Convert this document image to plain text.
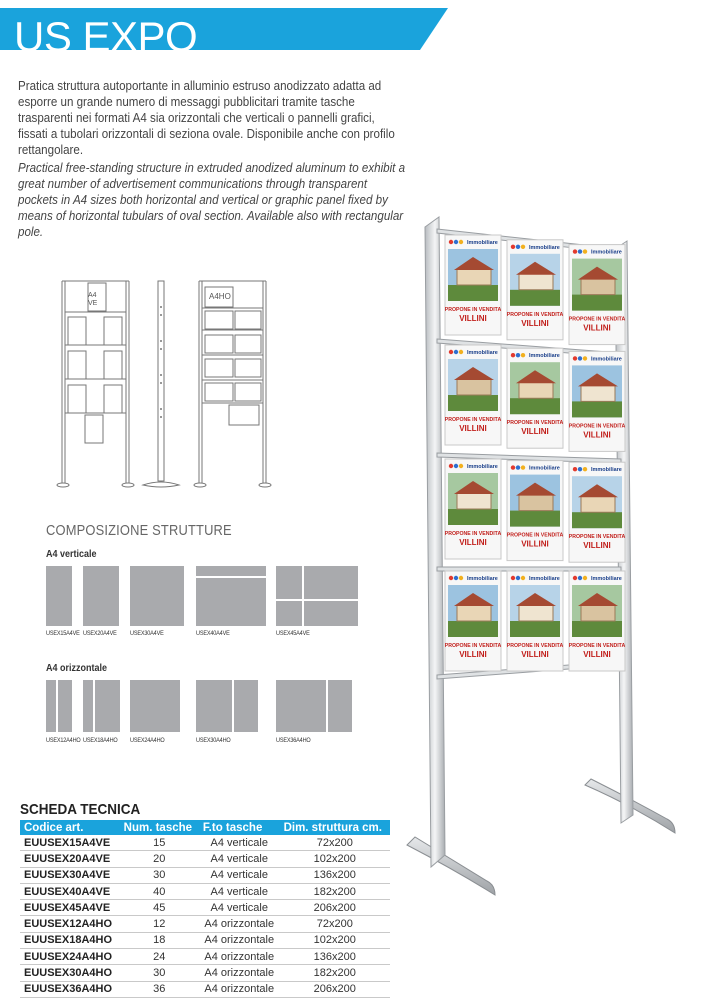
US EXPO

Pratica struttura autoportante in alluminio estruso anodizzato adatta ad esporre un grande numero di messaggi pubblicitari tramite tasche trasparenti nei formati A4 sia orizzontali che verticali o pannelli grafici, fissati a tubolari orizzontali di seziona ovale. Disponibile anche con profilo rettangolare.

Practical free-standing structure in extruded anodized aluminum to exhibit a great number of advertisement communications through transparent pockets in A4 sizes both horizontal and vertical or graphic panel fixed by means of horizontal tubulars of oval section. Available also with rectangular pole.

A4
VE
A4HO
COMPOSIZIONE STRUTTURE
A4 verticale
USEX15A4VE USEX20A4VE USEX30A4VE	USEX40A4VE	USEX45A4VE
A4 orizzontale
USEX12A4HO USEX18A4HO USEX24A4HO	USEX30A4HO	USEX36A4HO
Immobiliare
PROPONE IN VENDITA
VILLINI
Immobiliare
PROPONE IN VENDITA
VILLINI
Immobiliare
PROPONE IN VENDITA
VILLINI
Immobiliare
PROPONE IN VENDITA
VILLINI
Immobiliare
PROPONE IN VENDITA
VILLINI
Immobiliare
PROPONE IN VENDITA
VILLINI
Immobiliare
PROPONE IN VENDITA
VILLINI
Immobiliare
PROPONE IN VENDITA
VILLINI
Immobiliare
PROPONE IN VENDITA
VILLINI
Immobiliare
PROPONE IN VENDITA
VILLINI
Immobiliare
PROPONE IN VENDITA
VILLINI
Immobiliare
PROPONE IN VENDITA
VILLINI
SCHEDA TECNICA
Codice art.	Num. tasche	F.to tasche	Dim. struttura cm.
EUUSEX15A4VE	15	A4 verticale	72x200
EUUSEX20A4VE	20	A4 verticale	102x200
EUUSEX30A4VE	30	A4 verticale	136x200
EUUSEX40A4VE	40	A4 verticale	182x200
EUUSEX45A4VE	45	A4 verticale	206x200
EUUSEX12A4HO	12	A4 orizzontale	72x200
EUUSEX18A4HO	18	A4 orizzontale	102x200
EUUSEX24A4HO	24	A4 orizzontale	136x200
EUUSEX30A4HO	30	A4 orizzontale	182x200
EUUSEX36A4HO	36	A4 orizzontale	206x200
